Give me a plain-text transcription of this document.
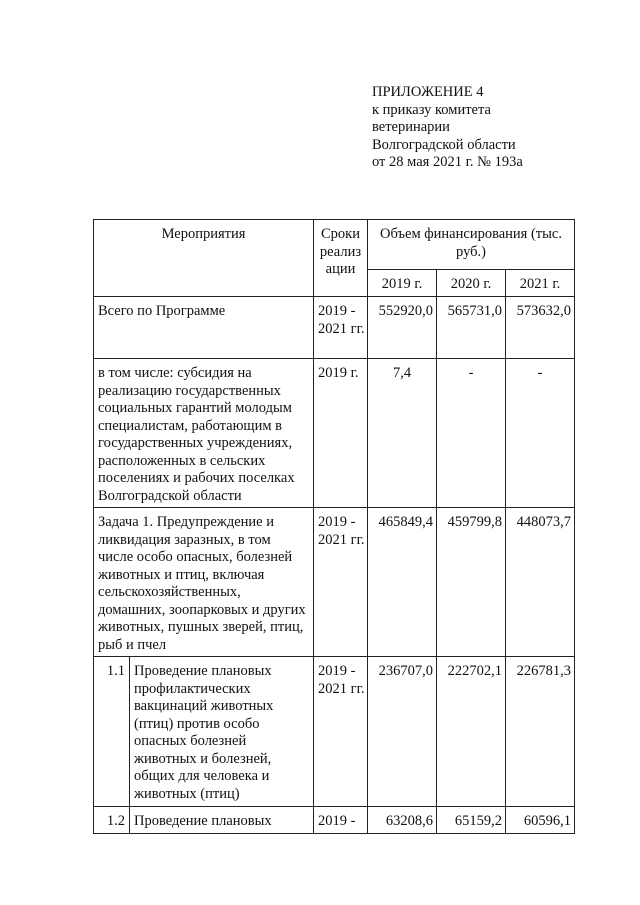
ПРИЛОЖЕНИЕ 4
к приказу комитета
ветеринарии
Волгоградской области
от 28 мая 2021 г. № 193а
Мероприятия		Сроки реализ ации	Объем финансирования (тыс. руб.)		

			2019 г.	2020 г.	2021 г.

Всего по Программе		2019 - 2021 гг.	552920,0	565731,0	573632,0

в том числе: субсидия на реализацию государственных социальных гарантий молодым специалистам, работающим в государственных учреждениях, расположенных в сельских поселениях и рабочих поселках Волгоградской области		2019 г.	7,4	-	-

Задача 1. Предупреждение и ликвидация заразных, в том числе особо опасных, болезней животных и птиц, включая сельскохозяйственных, домашних, зоопарковых и других животных, пушных зверей, птиц, рыб и пчел		2019 - 2021 гг.	465849,4	459799,8	448073,7

1.1	Проведение плановых профилактических вакцинаций животных (птиц) против особо опасных болезней животных и болезней, общих для человека и животных (птиц)	2019 - 2021 гг.	236707,0	222702,1	226781,3

1.2	Проведение плановых	2019 -	63208,6	65159,2	60596,1
